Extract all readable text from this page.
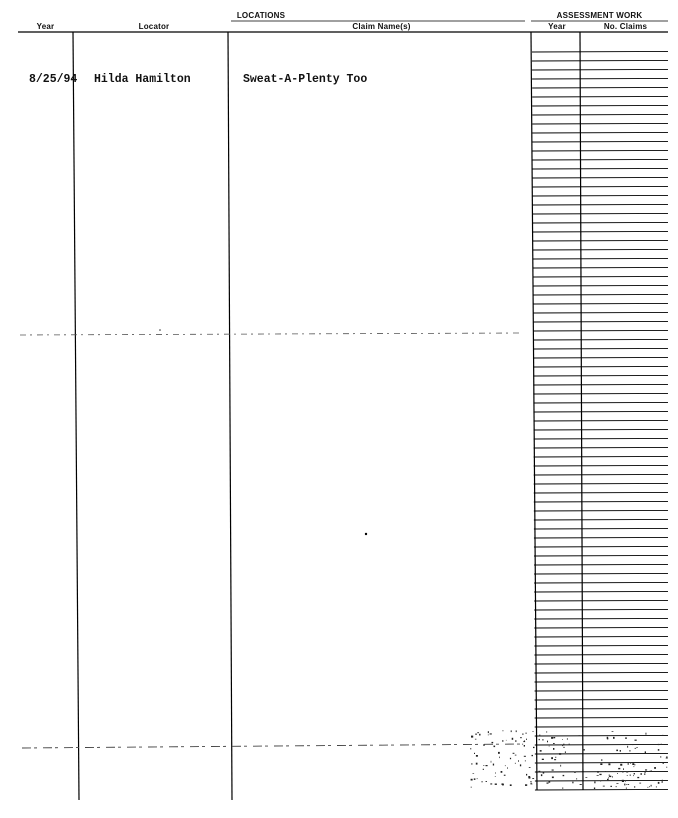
LOCATIONS	ASSESSMENT WORK
Year	Locator	Claim Name(s)	Year	No. Claims
8/25/94 Hilda Hamilton	Sweat-A-Plenty Too
